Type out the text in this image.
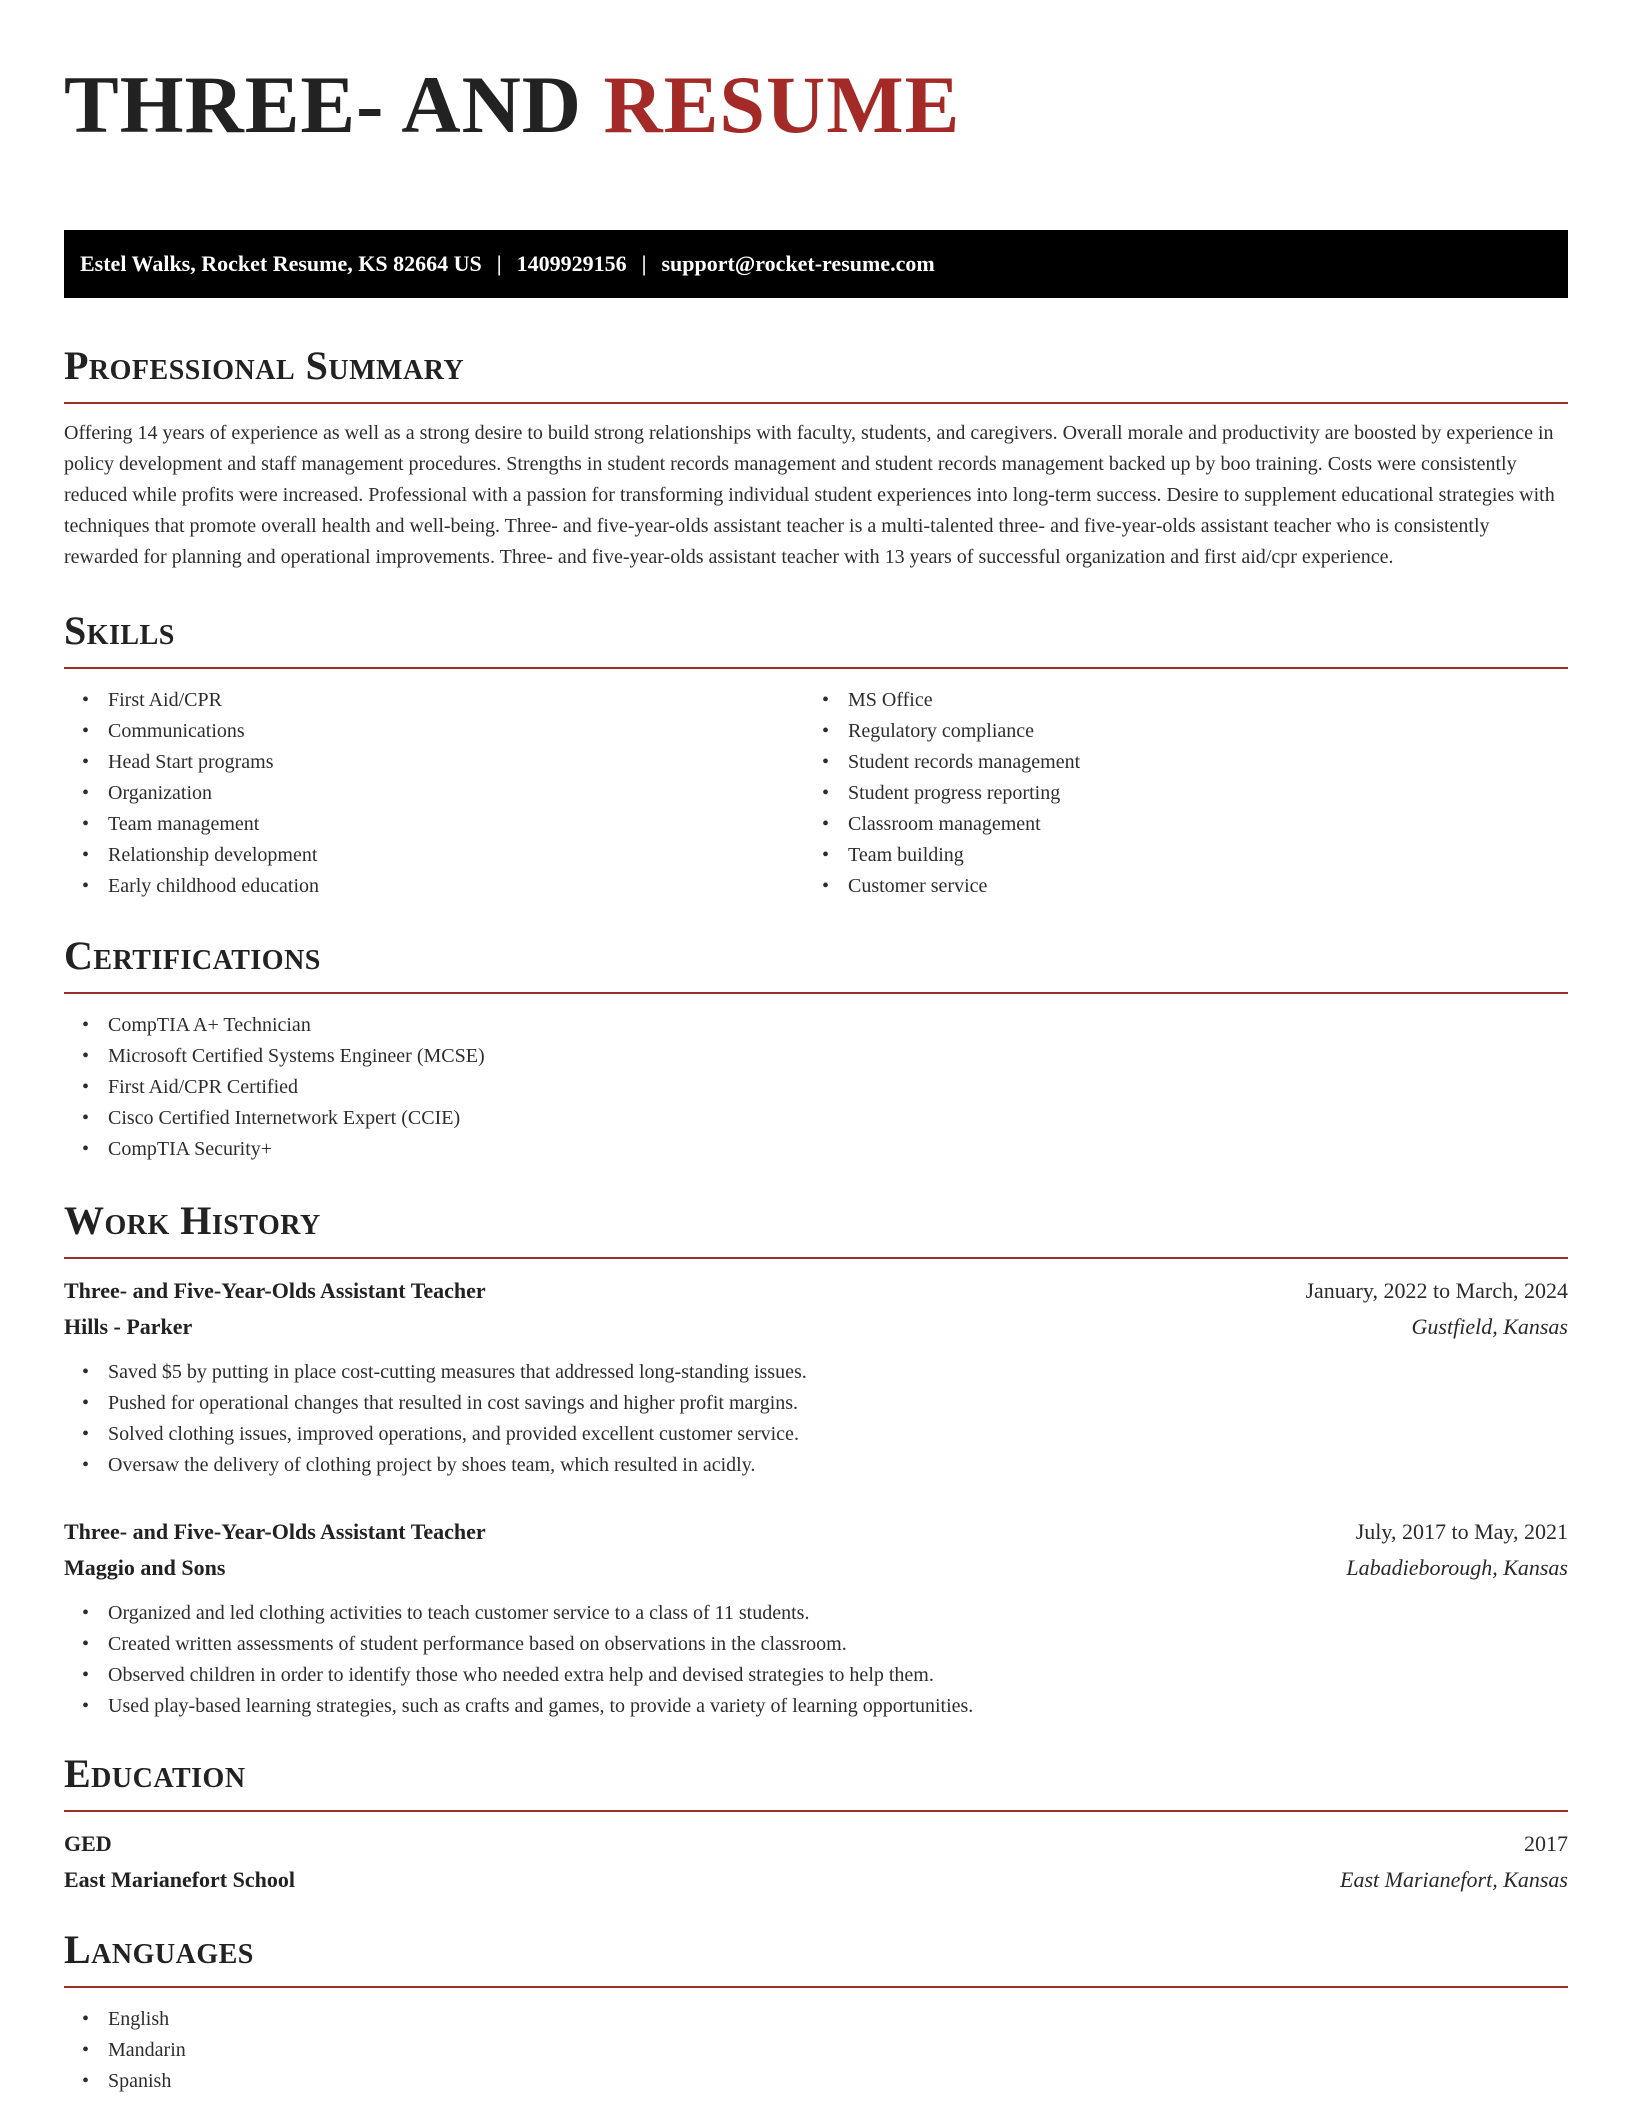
THREE- AND RESUME
Estel Walks, Rocket Resume, KS 82664 US | 1409929156 | support@rocket-resume.com
Professional Summary

Offering 14 years of experience as well as a strong desire to build strong relationships with faculty, students, and caregivers. Overall morale and productivity are boosted by experience in policy development and staff management procedures. Strengths in student records management and student records management backed up by boo training. Costs were consistently reduced while profits were increased. Professional with a passion for transforming individual student experiences into long-term success. Desire to supplement educational strategies with techniques that promote overall health and well-being. Three- and five-year-olds assistant teacher is a multi-talented three- and five-year-olds assistant teacher who is consistently rewarded for planning and operational improvements. Three- and five-year-olds assistant teacher with 13 years of successful organization and first aid/cpr experience.

Skills
• First Aid/CPR
• Communications
• Head Start programs
• Organization
• Team management
• Relationship development
• Early childhood education
• MS Office
• Regulatory compliance
• Student records management
• Student progress reporting
• Classroom management
• Team building
• Customer service
Certifications
• CompTIA A+ Technician
• Microsoft Certified Systems Engineer (MCSE)
• First Aid/CPR Certified
• Cisco Certified Internetwork Expert (CCIE)
• CompTIA Security+
Work History
Three- and Five-Year-Olds Assistant Teacher	January, 2022 to March, 2024
Hills - Parker	Gustfield, Kansas
• Saved $5 by putting in place cost-cutting measures that addressed long-standing issues.
• Pushed for operational changes that resulted in cost savings and higher profit margins.
• Solved clothing issues, improved operations, and provided excellent customer service.
• Oversaw the delivery of clothing project by shoes team, which resulted in acidly.
Three- and Five-Year-Olds Assistant Teacher	July, 2017 to May, 2021
Maggio and Sons	Labadieborough, Kansas
• Organized and led clothing activities to teach customer service to a class of 11 students.
• Created written assessments of student performance based on observations in the classroom.
• Observed children in order to identify those who needed extra help and devised strategies to help them.
• Used play-based learning strategies, such as crafts and games, to provide a variety of learning opportunities.
Education
GED	2017
East Marianefort School	East Marianefort, Kansas
Languages
• English
• Mandarin
• Spanish
